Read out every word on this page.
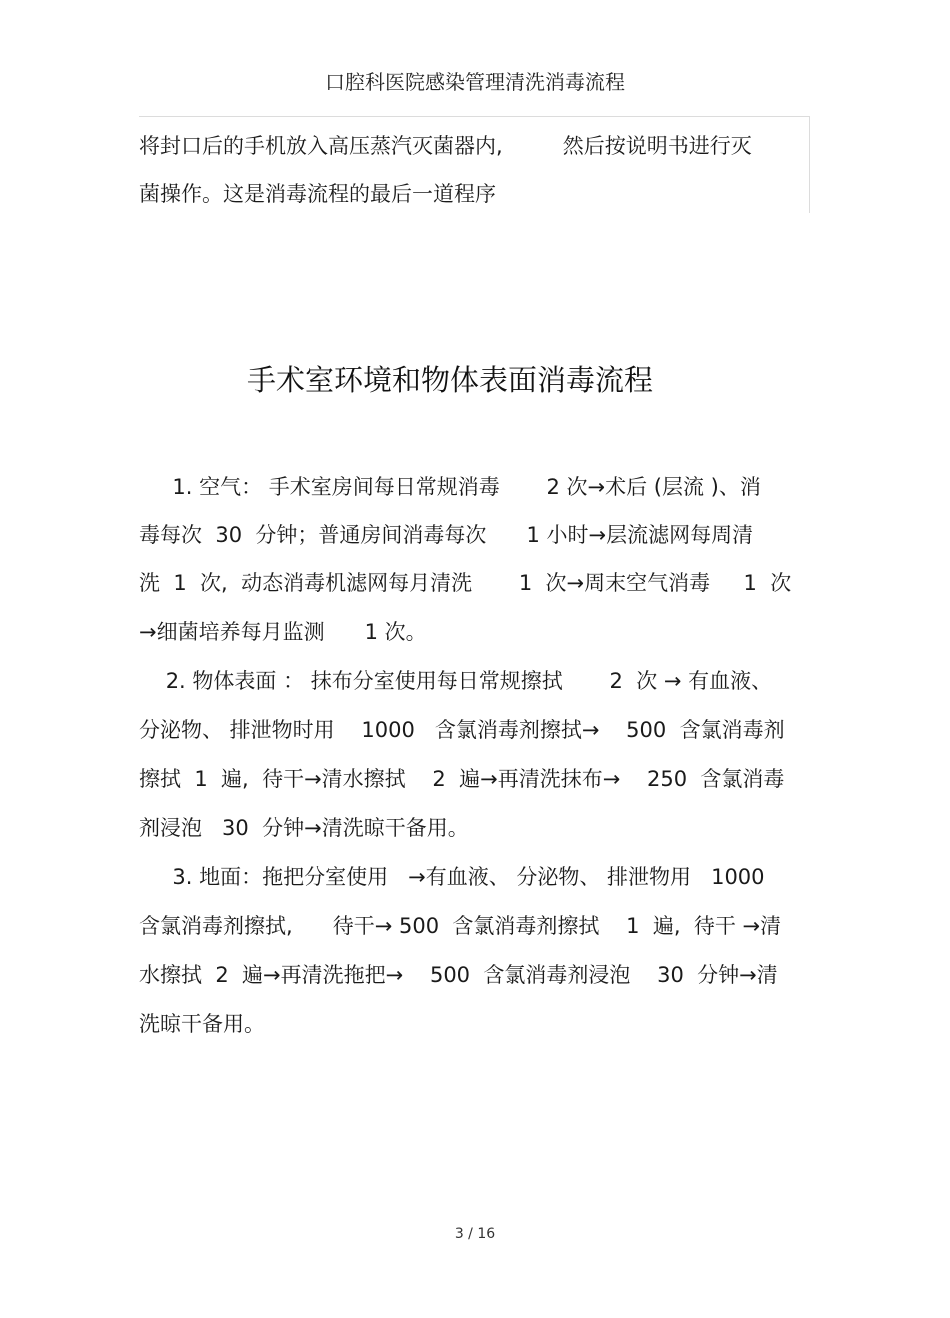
口腔科医院感染管理清洗消毒流程

将封口后的手机放入高压蒸汽灭菌器内,         然后按说明书进行灭

菌操作。这是消毒流程的最后一道程序

手术室环境和物体表面消毒流程

1. 空气： 手术室房间每日常规消毒       2 次→术后 (层流 )、消

毒每次  30  分钟；普通房间消毒每次      1 小时→层流滤网每周清

洗  1  次,  动态消毒机滤网每月清洗       1  次→周末空气消毒     1  次

→细菌培养每月监测      1 次。

2. 物体表面 ： 抹布分室使用每日常规擦拭       2  次 → 有血液、

分泌物、 排泄物时用    1000   含氯消毒剂擦拭→    500  含氯消毒剂

擦拭  1  遍,  待干→清水擦拭    2  遍→再清洗抹布→    250  含氯消毒

剂浸泡   30  分钟→清洗晾干备用。

3. 地面：拖把分室使用   →有血液、 分泌物、 排泄物用   1000

含氯消毒剂擦拭,      待干→ 500  含氯消毒剂擦拭    1  遍,  待干 →清

水擦拭  2  遍→再清洗拖把→    500  含氯消毒剂浸泡    30  分钟→清

洗晾干备用。

3 / 16
